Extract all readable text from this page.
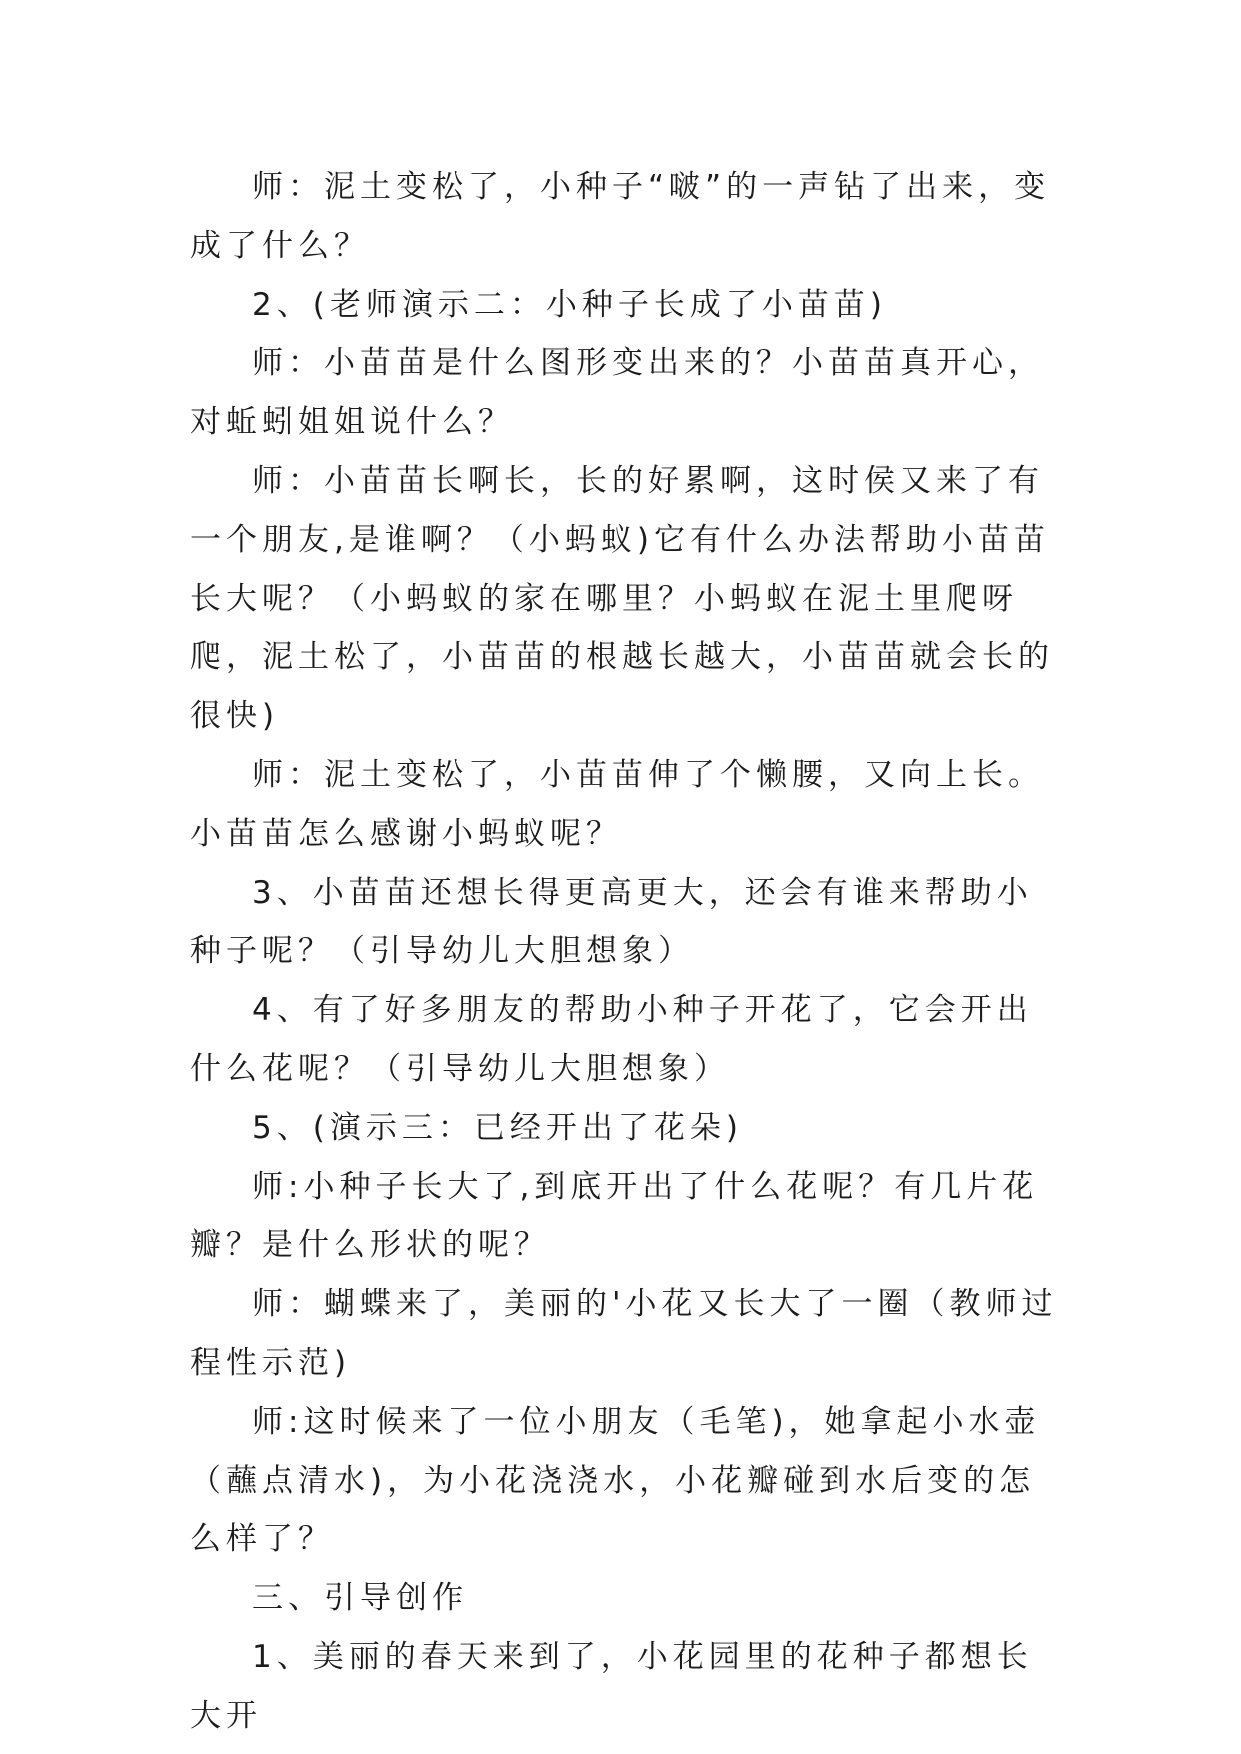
师：泥土变松了，小种子“啵”的一声钻了出来，变成了什么？

2、(老师演示二：小种子长成了小苗苗)

师：小苗苗是什么图形变出来的？小苗苗真开心，对蚯蚓姐姐说什么？

师：小苗苗长啊长，长的好累啊，这时侯又来了有一个朋友,是谁啊？（小蚂蚁)它有什么办法帮助小苗苗长大呢？（小蚂蚁的家在哪里？小蚂蚁在泥土里爬呀爬，泥土松了，小苗苗的根越长越大，小苗苗就会长的很快)

师：泥土变松了，小苗苗伸了个懒腰，又向上长。小苗苗怎么感谢小蚂蚁呢？

3、小苗苗还想长得更高更大，还会有谁来帮助小种子呢？（引导幼儿大胆想象）

4、有了好多朋友的帮助小种子开花了，它会开出什么花呢？（引导幼儿大胆想象）

5、(演示三：已经开出了花朵)

师:小种子长大了,到底开出了什么花呢？有几片花瓣？是什么形状的呢？

师：蝴蝶来了，美丽的'小花又长大了一圈（教师过程性示范)

师:这时候来了一位小朋友（毛笔)，她拿起小水壶（蘸点清水)，为小花浇浇水，小花瓣碰到水后变的怎么样了？

三、引导创作

1、美丽的春天来到了，小花园里的花种子都想长大开
